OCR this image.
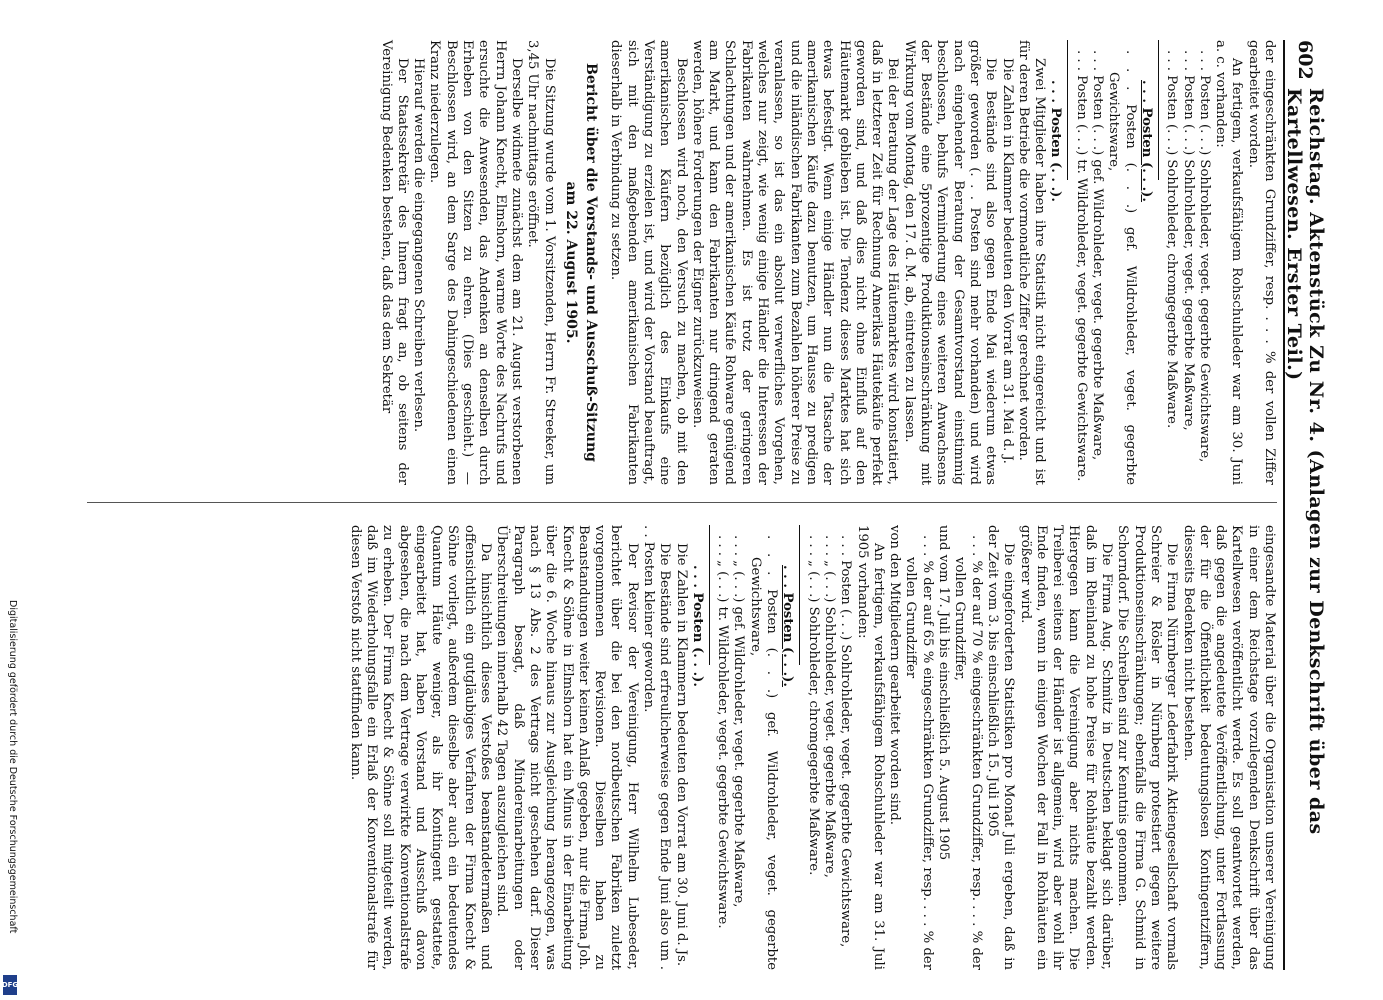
602
Reichstag. Aktenstück Zu Nr. 4. (Anlagen zur Denkschrift über das Kartellwesen. Erster Teil.)

der eingeschränkten Grundziffer, resp. . . . % der vollen Ziffer gearbeitet worden.

An fertigem, verkaufsfähigem Rohschuhleder war am 30. Juni a. c. vorhanden:

. . . Posten (. . .) Sohlrohleder, veget. gegerbte Gewichtsware,

. . . Posten (. . .) Sohlrohleder, veget. gegerbte Maßware,

. . . Posten (. . .) Sohlrohleder, chromgegerbte Maßware.

. . . Posten (. . .).

. . . Posten (. . .) gef. Wildrohleder, veget. gegerbte Gewichtsware,

. . . Posten (. . .) gef. Wildrohleder, veget. gegerbte Maßware,

. . . Posten (. . .) tr. Wildrohleder, veget. gegerbte Gewichtsware.

. . . Posten (. . .).

Zwei Mitglieder haben ihre Statistik nicht eingereicht und ist für deren Betriebe die vormonatliche Ziffer gerechnet worden.

Die Zahlen in Klammer bedeuten den Vorrat am 31. Mai d. J.

Die Bestände sind also gegen Ende Mai wiederum etwas größer geworden (. . . Posten sind mehr vorhanden) und wird nach eingehender Beratung der Gesamtvorstand einstimmig beschlossen, behufs Verminderung eines weiteren Anwachsens der Bestände eine 5prozentige Produktionseinschränkung mit Wirkung vom Montag, den 17. d. M. ab, eintreten zu lassen.

Bei der Beratung der Lage des Häutemarktes wird konstatiert, daß in letzterer Zeit für Rechnung Amerikas Häutekäufe perfekt geworden sind, und daß dies nicht ohne Einfluß auf den Häutemarkt geblieben ist. Die Tendenz dieses Marktes hat sich etwas befestigt. Wenn einige Händler nun die Tatsache der amerikanischen Käufe dazu benutzen, um Hausse zu predigen und die inländischen Fabrikanten zum Bezahlen höherer Preise zu veranlassen, so ist das ein absolut verwerfliches Vorgehen, welches nur zeigt, wie wenig einige Händler die Interessen der Fabrikanten wahrnehmen. Es ist trotz der geringeren Schlachtungen und der amerikanischen Käufe Rohware genügend am Markt, und kann den Fabrikanten nur dringend geraten werden, höhere Forderungen der Eigner zurückzuweisen.

Beschlossen wird noch, den Versuch zu machen, ob mit den amerikanischen Käufern bezüglich des Einkaufs eine Verständigung zu erzielen ist, und wird der Vorstand beauftragt, sich mit den maßgebenden amerikanischen Fabrikanten dieserhalb in Verbindung zu setzen.

Bericht über die Vorstands- und Ausschuß-Sitzung

am 22. August 1905.

Die Sitzung wurde vom 1. Vorsitzenden, Herrn Fr. Streeker, um 3,45 Uhr nachmittags eröffnet.

Derselbe widmete zunächst dem am 21. August verstorbenen Herrn Johann Knecht, Elmshorn, warme Worte des Nachrufs und ersuchte die Anwesenden, das Andenken an denselben durch Erheben von den Sitzen zu ehren. (Dies geschieht.) — Beschlossen wird, an dem Sarge des Dahingeschiedenen einen Kranz niederzulegen.

Hierauf werden die eingegangenen Schreiben verlesen.

Der Staatssekretär des Innern fragt an, ob seitens der Vereinigung Bedenken bestehen, daß das dem Sekretär

eingesandte Material über die Organisation unserer Vereinigung in einer dem Reichstage vorzulegenden Denkschrift über das Kartellwesen veröffentlicht werde. Es soll geantwortet werden, daß gegen die angedeutete Veröffentlichung, unter Fortlassung der für die Öffentlichkeit bedeutungslosen Kontingentziffern, diesseits Bedenken nicht bestehen.

Die Firma Nürnberger Lederfabrik Aktiengesellschaft vormals Schreier & Rösler in Nürnberg protestiert gegen weitere Produktionseinschränkungen; ebenfalls die Firma G. Schmid in Schorndorf. Die Schreiben sind zur Kenntnis genommen.

Die Firma Aug. Schmitz in Deutschen beklagt sich darüber, daß im Rheinland zu hohe Preise für Rohhäute bezahlt werden. Hiergegen kann die Vereinigung aber nichts machen. Die Treiberei seitens der Händler ist allgemein, wird aber wohl ihr Ende finden, wenn in einigen Wochen der Fall in Rohhäuten ein größerer wird.

Die eingeforderten Statistiken pro Monat Juli ergeben, daß in der Zeit vom 3. bis einschließlich 15. Juli 1905

. . . % der auf 70 % eingeschränkten Grundziffer, resp. . . . % der vollen Grundziffer,

und vom 17. Juli bis einschließlich 5. August 1905

. . . % der auf 65 % eingeschränkten Grundziffer, resp. . . . % der vollen Grundziffer

von den Mitgliedern gearbeitet worden sind.

An fertigem, verkaufsfähigem Rohschuhleder war am 31. Juli 1905 vorhanden:

. . . Posten (. . .) Sohlrohleder, veget. gegerbte Gewichtsware,

. . . „ (. . .) Sohlrohleder, veget. gegerbte Maßware,

. . . „ (. . .) Sohlrohleder, chromgegerbte Maßware.

. . . Posten (. . .).

. . . Posten (. . .) gef. Wildrohleder, veget. gegerbte Gewichtsware,

. . . „ (. . .) gef. Wildrohleder, veget. gegerbte Maßware,

. . . „ (. . .) tr. Wildrohleder, veget. gegerbte Gewichtsware.

. . . Posten (. . .).

Die Zahlen in Klammern bedeuten den Vorrat am 30. Juni d. Js.

Die Bestände sind erfreulicherweise gegen Ende Juni also um . . . Posten kleiner geworden.

Der Revisor der Vereinigung, Herr Wilhelm Lubeseder, berichtet über die bei den nordbeutschen Fabriken zuletzt vorgenommenen Revisionen. Dieselben haben zu Beanstandungen weiter keinen Anlaß gegeben, nur die Firma Joh. Knecht & Söhne in Elmshorn hat ein Minus in der Einarbeitung über die 6. Woche hinaus zur Ausgleichung herangezogen, was nach § 13 Abs. 2 des Vertrags nicht geschehen darf. Dieser Paragraph besagt, daß Mindereinarbeitungen oder Überschreitungen innerhalb 42 Tagen auszugleichen sind.

Da hinsichtlich dieses Verstoßes beanstandetermaßen und offensichtlich ein gutgläubiges Verfahren der Firma Knecht & Söhne vorliegt, außerdem dieselbe aber auch ein bedeutendes Quantum Häute weniger, als ihr Kontingent gestattete, eingearbeitet hat, haben Vorstand und Ausschuß davon abgesehen, die nach dem Vertrage verwirkte Konventionalstrafe zu erheben. Der Firma Knecht & Söhne soll mitgeteilt werden, daß im Wiederholungsfalle ein Erlaß der Konventionalstrafe für diesen Verstoß nicht stattfinden kann.

Digitalisierung gefördert durch die Deutsche Forschungsgemeinschaft
DFG
